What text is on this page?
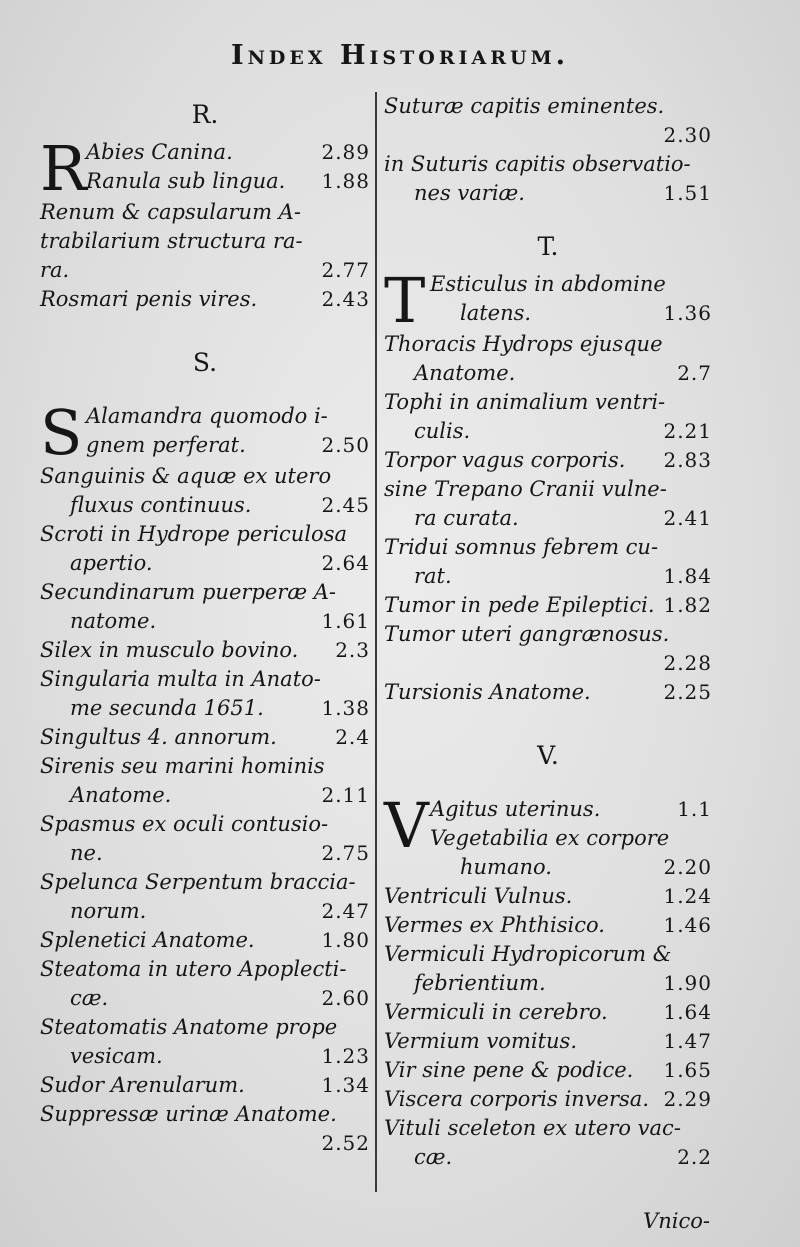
Index Historiarum.
R.
R Abies Canina.	2.89
Ranula sub lingua. 1.88
Renum & capsularum A-
trabilarium structura ra-
ra.	2.77
Rosmari penis vires.	2.43
S.
S Alamandra quomodo i-
gnem perferat.	2.50
Sanguinis & aquæ ex utero
fluxus continuus.	2.45
Scroti in Hydrope periculosa
apertio.	2.64
Secundinarum puerperæ A-
natome.	1.61
Silex in musculo bovino. 2.3
Singularia multa in Anato-
me secunda 1651.	1.38
Singultus 4. annorum.	2.4
Sirenis seu marini hominis
Anatome.	2.11
Spasmus ex oculi contusio-
ne.	2.75
Spelunca Serpentum braccia-
norum.	2.47
Splenetici Anatome.	1.80
Steatoma in utero Apoplecti-
cæ.	2.60
Steatomatis Anatome prope
vesicam.	1.23
Sudor Arenularum.	1.34
Suppressæ urinæ Anatome.
2.52
Suturæ capitis eminentes.
2.30
in Suturis capitis observatio-
nes variæ.	1.51
T.
T Esticulus in abdomine
latens.	1.36
Thoracis Hydrops ejusque
Anatome.	2.7
Tophi in animalium ventri-
culis.	2.21
Torpor vagus corporis. 2.83
sine Trepano Cranii vulne-
ra curata.	2.41
Tridui somnus febrem cu-
rat.	1.84
Tumor in pede Epileptici. 1.82
Tumor uteri gangrænosus.
2.28
Tursionis Anatome.	2.25
V.
V Agitus uterinus.	1.1
Vegetabilia ex corpore
humano.	2.20
Ventriculi Vulnus.	1.24
Vermes ex Phthisico.	1.46
Vermiculi Hydropicorum &
febrientium.	1.90
Vermiculi in cerebro.	1.64
Vermium vomitus.	1.47
Vir sine pene & podice. 1.65
Viscera corporis inversa. 2.29
Vituli sceleton ex utero vac-
cæ.	2.2
Vnico-
